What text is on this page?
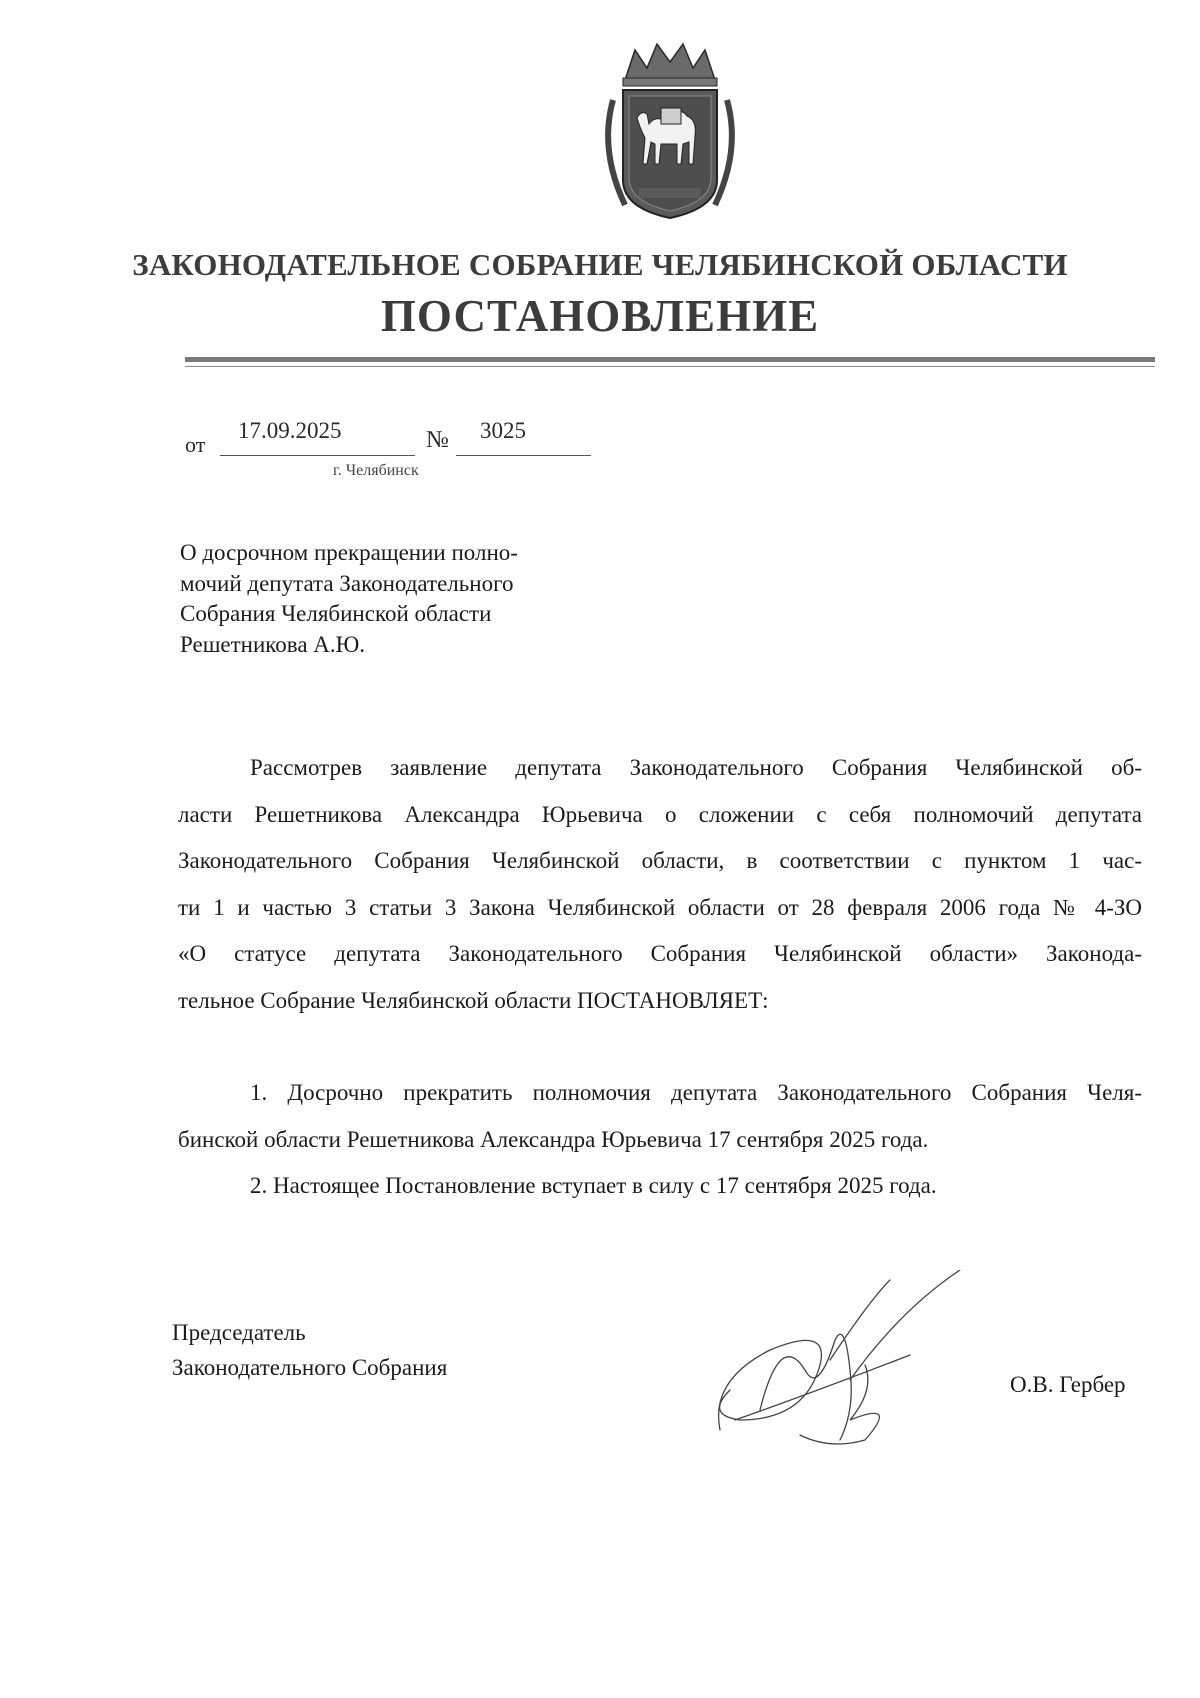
ЗАКОНОДАТЕЛЬНОЕ СОБРАНИЕ ЧЕЛЯБИНСКОЙ ОБЛАСТИ
ПОСТАНОВЛЕНИЕ
от
17.09.2025	№ 3025
г. Челябинск
О досрочном прекращении полно-
мочий депутата Законодательного
Собрания Челябинской области
Решетникова А.Ю.
Рассмотрев заявление депутата Законодательного Собрания Челябинской об-
ласти Решетникова Александра Юрьевича о сложении с себя полномочий депутата
Законодательного Собрания Челябинской области, в соответствии с пунктом 1 час-
ти 1 и частью 3 статьи 3 Закона Челябинской области от 28 февраля 2006 года № 4-ЗО
«О статусе депутата Законодательного Собрания Челябинской области» Законода-
тельное Собрание Челябинской области ПОСТАНОВЛЯЕТ:
1. Досрочно прекратить полномочия депутата Законодательного Собрания Челя-
бинской области Решетникова Александра Юрьевича 17 сентября 2025 года.
2. Настоящее Постановление вступает в силу с 17 сентября 2025 года.
Председатель
Законодательного Собрания
О.В. Гербер
